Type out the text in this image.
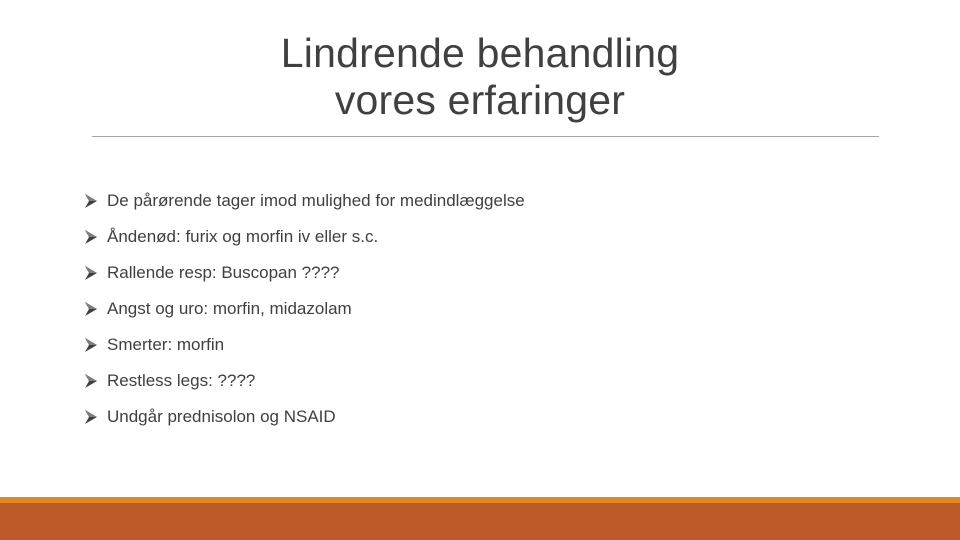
Lindrende behandling
vores erfaringer
De pårørende tager imod mulighed for medindlæggelse
Åndenød: furix og morfin iv eller s.c.
Rallende resp: Buscopan ????
Angst og uro: morfin, midazolam
Smerter: morfin
Restless legs: ????
Undgår prednisolon og NSAID
